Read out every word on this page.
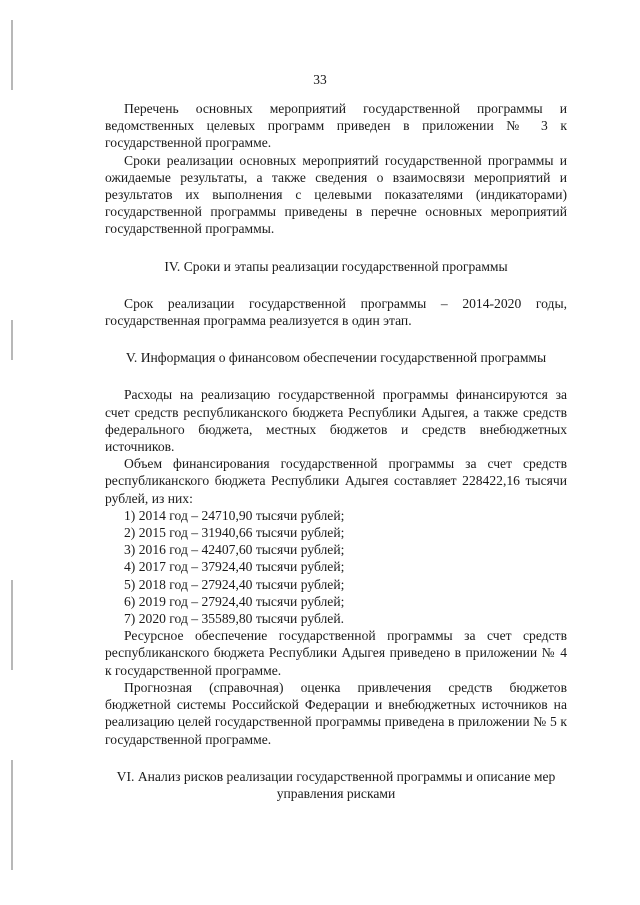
33

Перечень основных мероприятий государственной программы и ведомственных целевых программ приведен в приложении № 3 к государственной программе.

Сроки реализации основных мероприятий государственной программы и ожидаемые результаты, а также сведения о взаимосвязи мероприятий и результатов их выполнения с целевыми показателями (индикаторами) государственной программы приведены в перечне основных мероприятий государственной программы.

IV. Сроки и этапы реализации государственной программы

Срок реализации государственной программы – 2014-2020 годы, государственная программа реализуется в один этап.

V. Информация о финансовом обеспечении государственной программы

Расходы на реализацию государственной программы финансируются за счет средств республиканского бюджета Республики Адыгея, а также средств федерального бюджета, местных бюджетов и средств внебюджетных источников.

Объем финансирования государственной программы за счет средств республиканского бюджета Республики Адыгея составляет 228422,16 тысячи рублей, из них:

1) 2014 год – 24710,90 тысячи рублей;

2) 2015 год – 31940,66 тысячи рублей;

3) 2016 год – 42407,60 тысячи рублей;

4) 2017 год – 37924,40 тысячи рублей;

5) 2018 год – 27924,40 тысячи рублей;

6) 2019 год – 27924,40 тысячи рублей;

7) 2020 год – 35589,80 тысячи рублей.

Ресурсное обеспечение государственной программы за счет средств республиканского бюджета Республики Адыгея приведено в приложении № 4 к государственной программе.

Прогнозная (справочная) оценка привлечения средств бюджетов бюджетной системы Российской Федерации и внебюджетных источников на реализацию целей государственной программы приведена в приложении № 5 к государственной программе.

VI. Анализ рисков реализации государственной программы и описание мер

управления рисками
